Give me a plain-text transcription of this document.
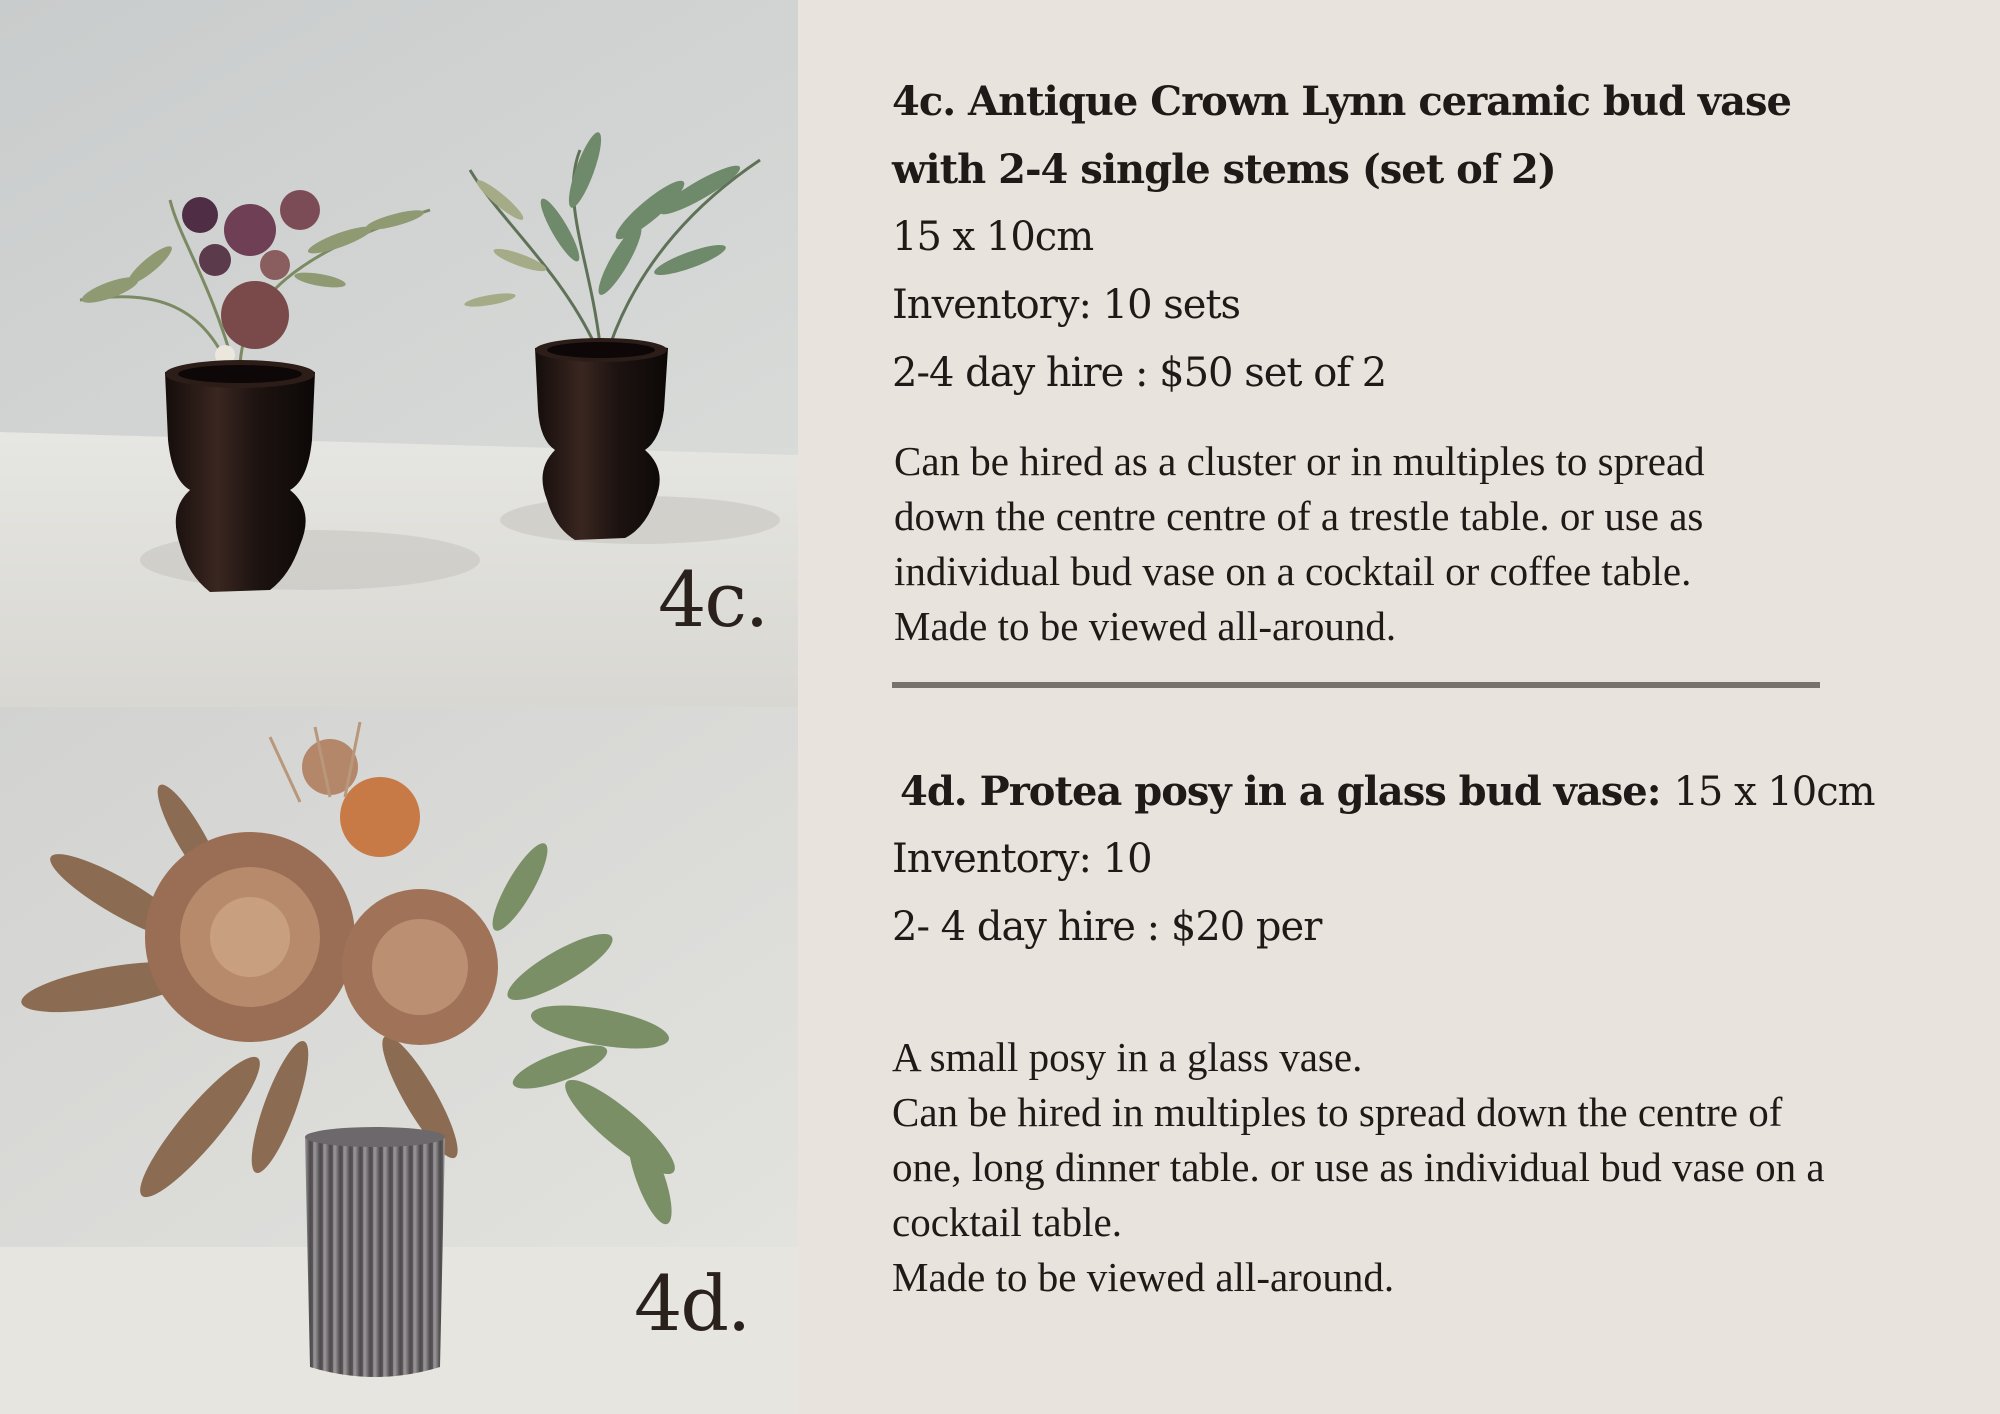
4c.
4d.
4c. Antique Crown Lynn ceramic bud vase
with 2-4 single stems (set of 2)
15 x 10cm
Inventory: 10 sets
2-4 day hire : $50 set of 2
Can be hired as a cluster or in multiples to spread
down the centre centre of a trestle table. or use as
individual bud vase on a cocktail or coffee table.
Made to be viewed all-around.
4d. Protea posy in a glass bud vase: 15 x 10cm
Inventory: 10
2- 4 day hire : $20 per
A small posy in a glass vase.
Can be hired in multiples to spread down the centre of
one, long dinner table. or use as individual bud vase on a
cocktail table.
Made to be viewed all-around.
